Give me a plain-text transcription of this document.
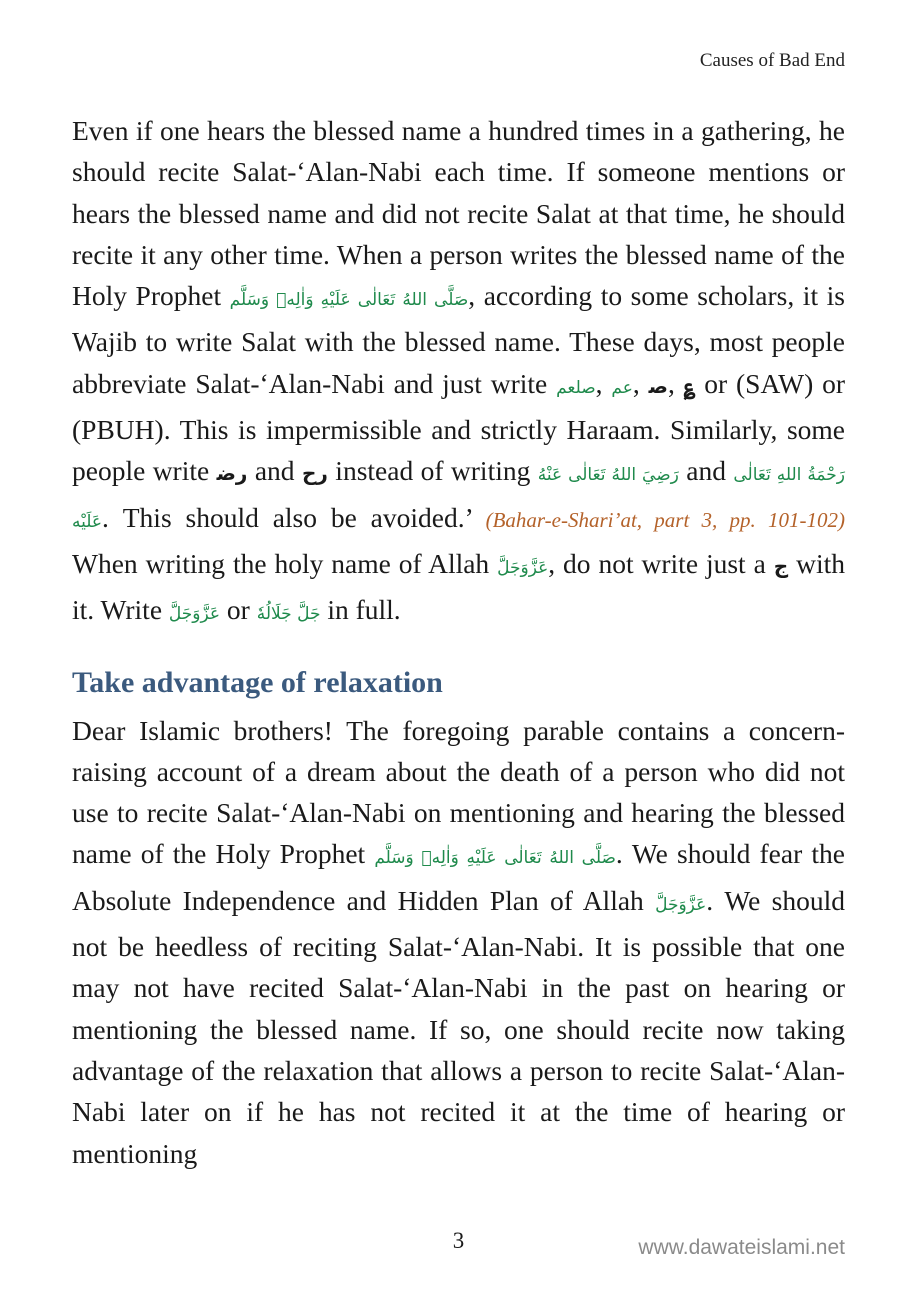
Causes of Bad End

Even if one hears the blessed name a hundred times in a gathering, he should recite Salat-‘Alan-Nabi each time. If someone mentions or hears the blessed name and did not recite Salat at that time, he should recite it any other time. When a person writes the blessed name of the Holy Prophet صَلَّى اللهُ تَعَالٰى عَلَيْهِ وَاٰلِهٖ وَسَلَّم, according to some scholars, it is Wajib to write Salat with the blessed name. These days, most people abbreviate Salat-‘Alan-Nabi and just write صلعم, عم, ﺻ, ؏ or (SAW) or (PBUH). This is impermissible and strictly Haraam. Similarly, some people write ﺭﺿ and ﺭﺡ instead of writing رَضِيَ اللهُ تَعَالٰى عَنْهُ and رَحْمَةُ اللهِ تَعَالٰى عَلَيْه. This should also be avoided.’ (Bahar-e-Shari’at, part 3, pp. 101-102) When writing the holy name of Allah عَزَّوَجَلَّ, do not write just a ﺝ with it. Write عَزَّوَجَلَّ or جَلَّ جَلَالُهٗ in full.

Take advantage of relaxation

Dear Islamic brothers! The foregoing parable contains a concern-raising account of a dream about the death of a person who did not use to recite Salat-‘Alan-Nabi on mentioning and hearing the blessed name of the Holy Prophet صَلَّى اللهُ تَعَالٰى عَلَيْهِ وَاٰلِهٖ وَسَلَّم. We should fear the Absolute Independence and Hidden Plan of Allah عَزَّوَجَلَّ. We should not be heedless of reciting Salat-‘Alan-Nabi. It is possible that one may not have recited Salat-‘Alan-Nabi in the past on hearing or mentioning the blessed name. If so, one should recite now taking advantage of the relaxation that allows a person to recite Salat-‘Alan-Nabi later on if he has not recited it at the time of hearing or mentioning

3	www.dawateislami.net
